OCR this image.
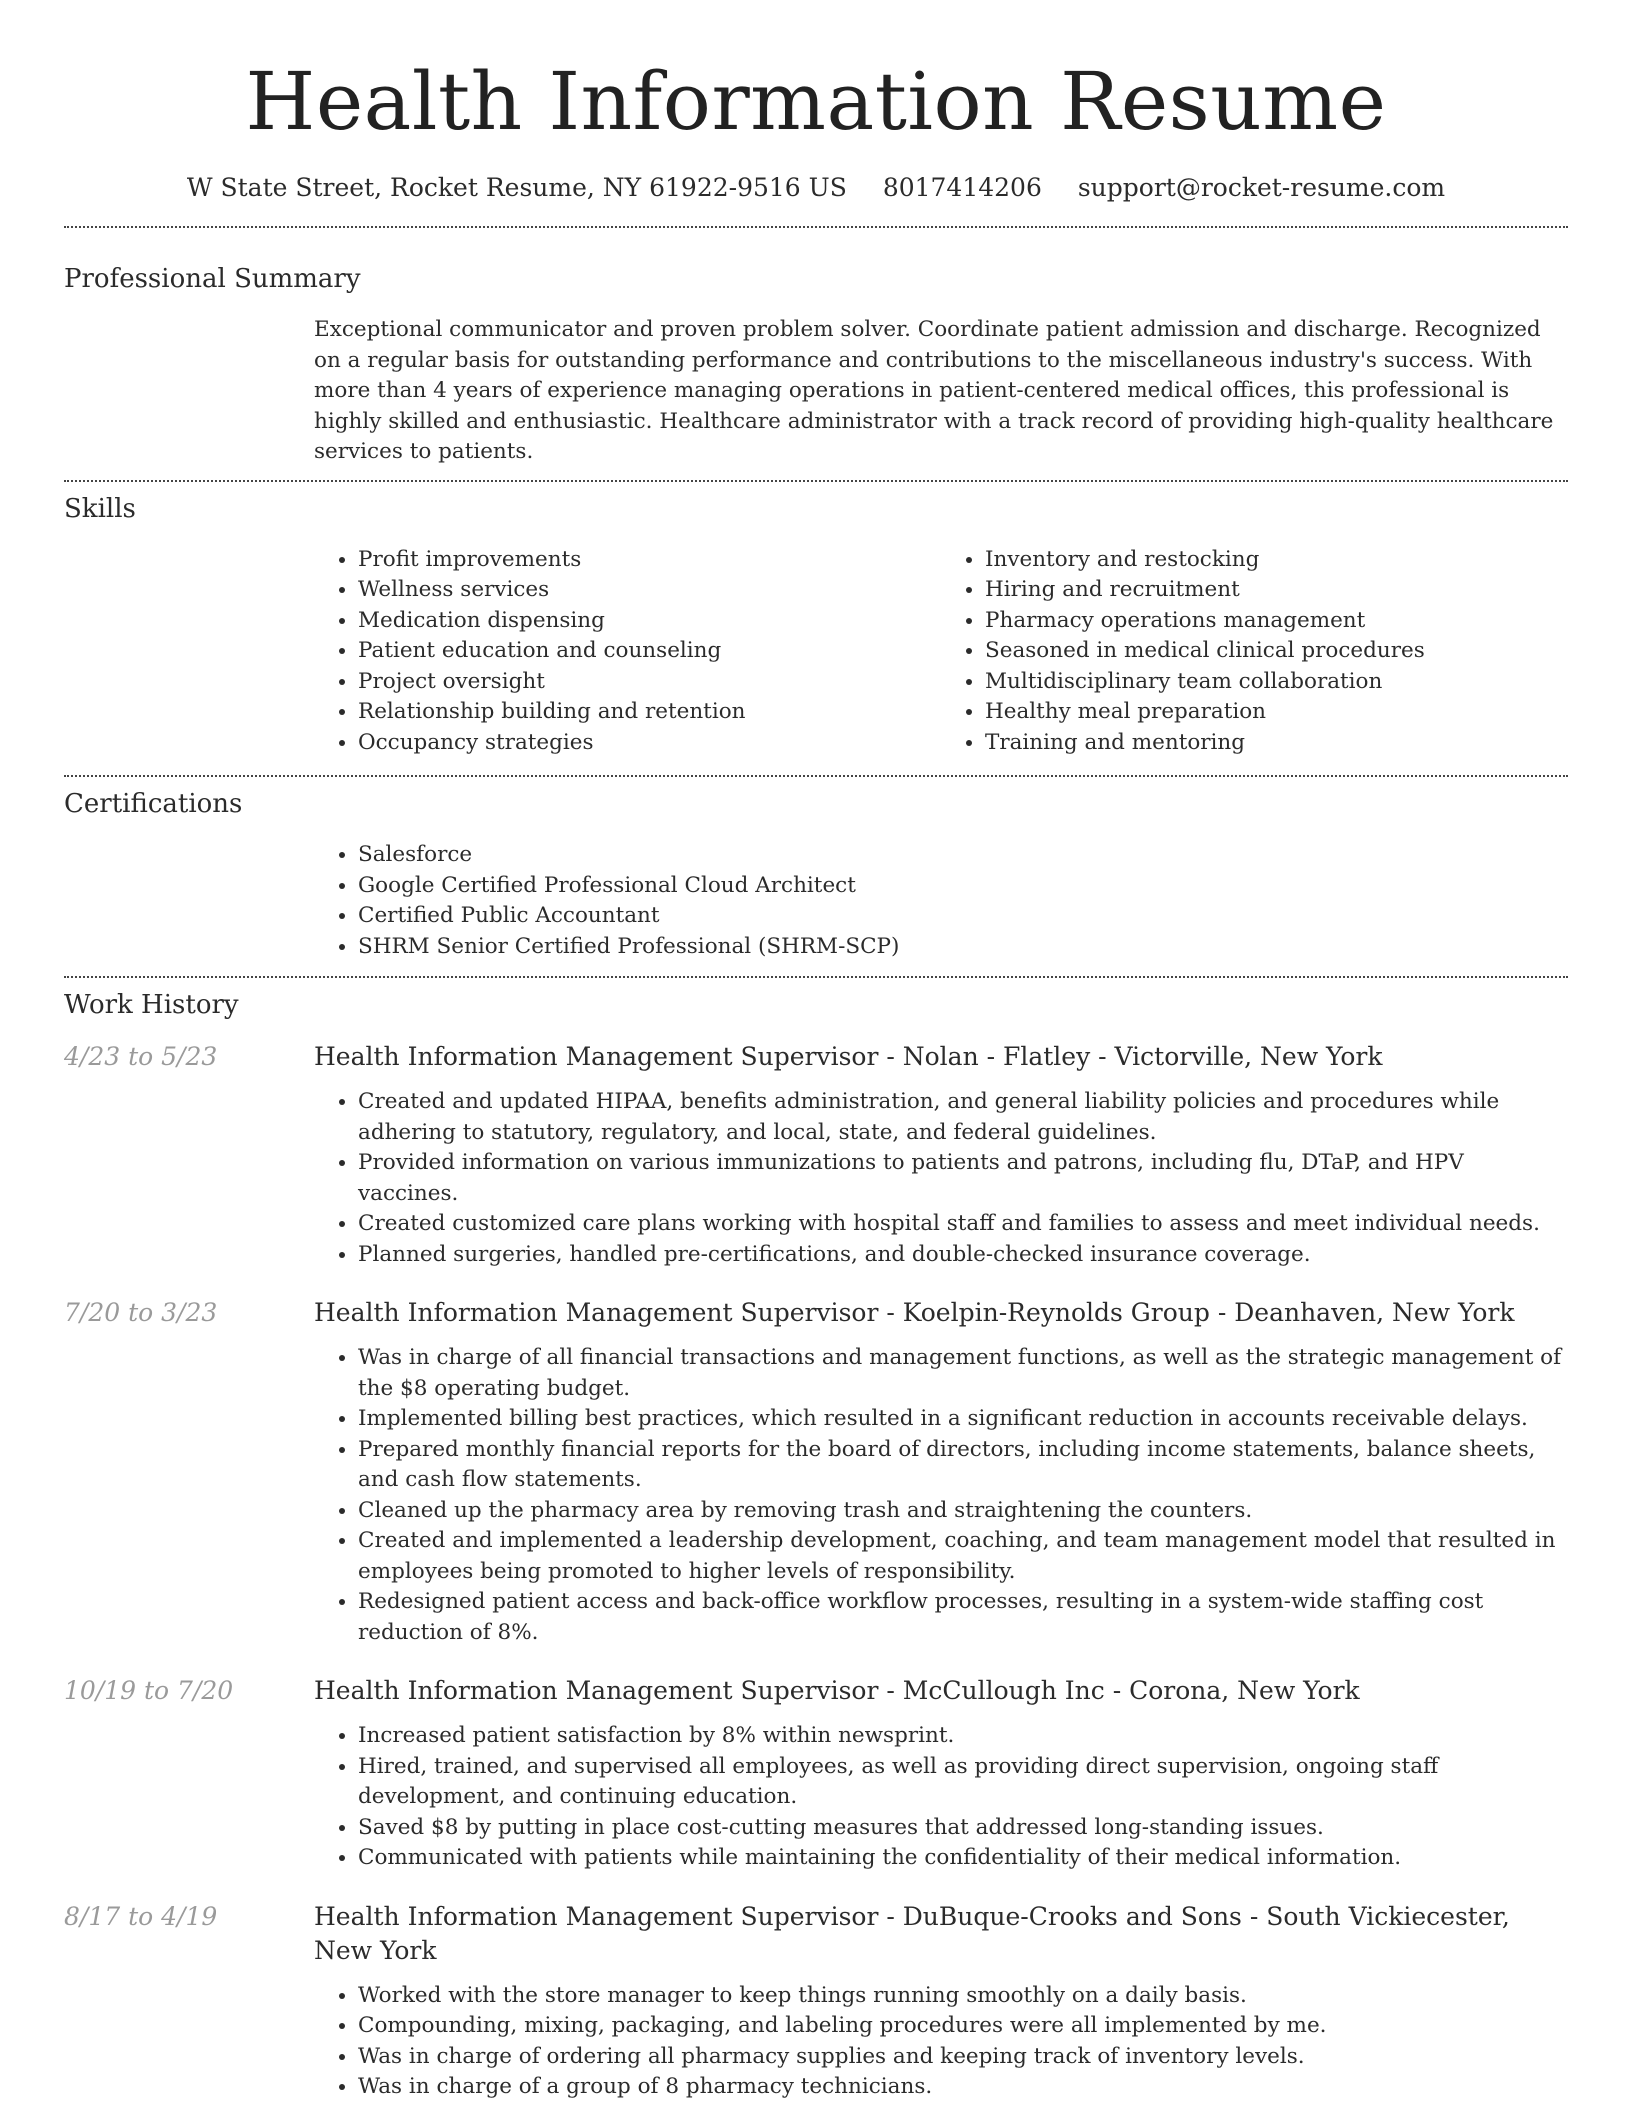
Health Information Resume
W State Street, Rocket Resume, NY 61922-9516 US 8017414206 support@rocket-resume.com
Professional Summary
Exceptional communicator and proven problem solver. Coordinate patient admission and discharge. Recognized on a regular basis for outstanding performance and contributions to the miscellaneous industry's success. With more than 4 years of experience managing operations in patient-centered medical offices, this professional is highly skilled and enthusiastic. Healthcare administrator with a track record of providing high-quality healthcare services to patients.
Skills
• Profit improvements
• Wellness services
• Medication dispensing
• Patient education and counseling
• Project oversight
• Relationship building and retention
• Occupancy strategies
• Inventory and restocking
• Hiring and recruitment
• Pharmacy operations management
• Seasoned in medical clinical procedures
• Multidisciplinary team collaboration
• Healthy meal preparation
• Training and mentoring
Certifications
• Salesforce
• Google Certified Professional Cloud Architect
• Certified Public Accountant
• SHRM Senior Certified Professional (SHRM-SCP)
Work History
4/23 to 5/23	Health Information Management Supervisor - Nolan - Flatley - Victorville, New York
• Created and updated HIPAA, benefits administration, and general liability policies and procedures while adhering to statutory, regulatory, and local, state, and federal guidelines.
• Provided information on various immunizations to patients and patrons, including flu, DTaP, and HPV vaccines.
• Created customized care plans working with hospital staff and families to assess and meet individual needs.
• Planned surgeries, handled pre-certifications, and double-checked insurance coverage.
7/20 to 3/23	Health Information Management Supervisor - Koelpin-Reynolds Group - Deanhaven, New York
• Was in charge of all financial transactions and management functions, as well as the strategic management of the $8 operating budget.
• Implemented billing best practices, which resulted in a significant reduction in accounts receivable delays.
• Prepared monthly financial reports for the board of directors, including income statements, balance sheets, and cash flow statements.
• Cleaned up the pharmacy area by removing trash and straightening the counters.
• Created and implemented a leadership development, coaching, and team management model that resulted in employees being promoted to higher levels of responsibility.
• Redesigned patient access and back-office workflow processes, resulting in a system-wide staffing cost reduction of 8%.
10/19 to 7/20	Health Information Management Supervisor - McCullough Inc - Corona, New York
• Increased patient satisfaction by 8% within newsprint.
• Hired, trained, and supervised all employees, as well as providing direct supervision, ongoing staff development, and continuing education.
• Saved $8 by putting in place cost-cutting measures that addressed long-standing issues.
• Communicated with patients while maintaining the confidentiality of their medical information.
8/17 to 4/19	Health Information Management Supervisor - DuBuque-Crooks and Sons - South Vickiecester, New York
• Worked with the store manager to keep things running smoothly on a daily basis.
• Compounding, mixing, packaging, and labeling procedures were all implemented by me.
• Was in charge of ordering all pharmacy supplies and keeping track of inventory levels.
• Was in charge of a group of 8 pharmacy technicians.
